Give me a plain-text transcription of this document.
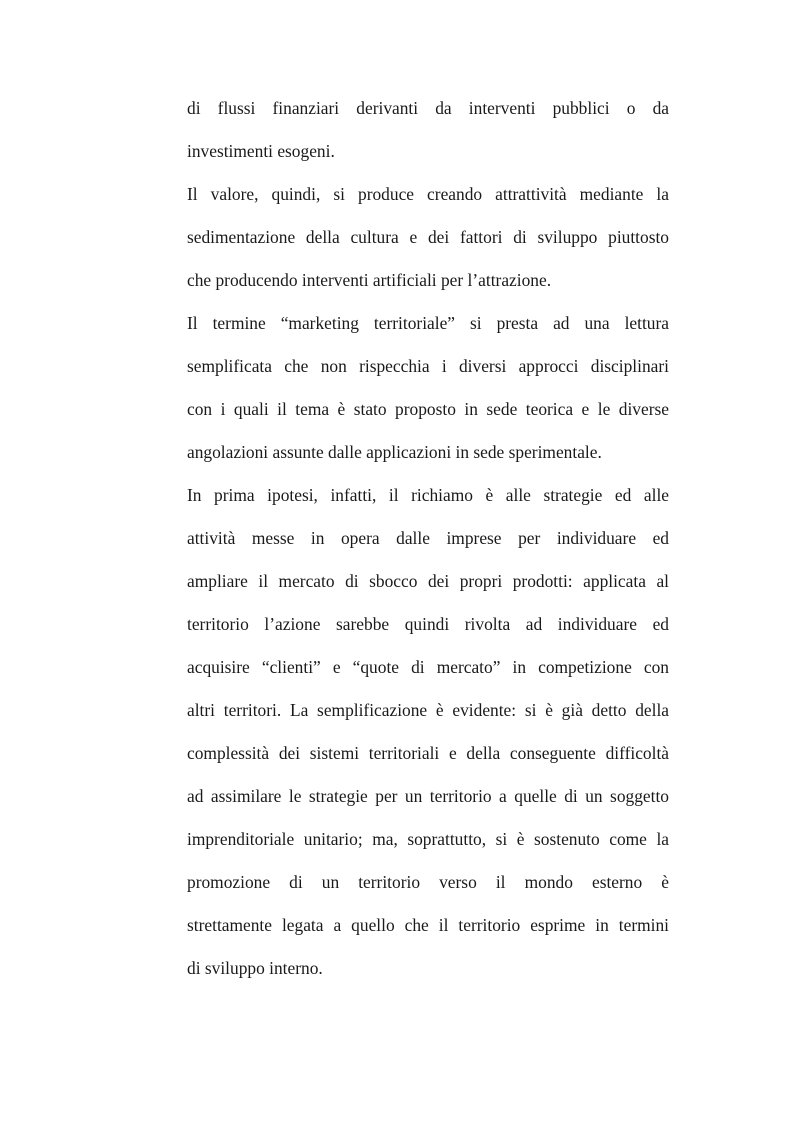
di flussi finanziari derivanti da interventi pubblici o da
investimenti esogeni.
Il valore, quindi, si produce creando attrattività mediante la
sedimentazione della cultura e dei fattori di sviluppo piuttosto
che producendo interventi artificiali per l’attrazione.
Il termine “marketing territoriale” si presta ad una lettura
semplificata che non rispecchia i diversi approcci disciplinari
con i quali il tema è stato proposto in sede teorica e le diverse
angolazioni assunte dalle applicazioni in sede sperimentale.
In prima ipotesi, infatti, il richiamo è alle strategie ed alle
attività messe in opera dalle imprese per individuare ed
ampliare il mercato di sbocco dei propri prodotti: applicata al
territorio l’azione sarebbe quindi rivolta ad individuare ed
acquisire “clienti” e “quote di mercato” in competizione con
altri territori. La semplificazione è evidente: si è già detto della
complessità dei sistemi territoriali e della conseguente difficoltà
ad assimilare le strategie per un territorio a quelle di un soggetto
imprenditoriale unitario; ma, soprattutto, si è sostenuto come la
promozione di un territorio verso il mondo esterno è
strettamente legata a quello che il territorio esprime in termini
di sviluppo interno.
